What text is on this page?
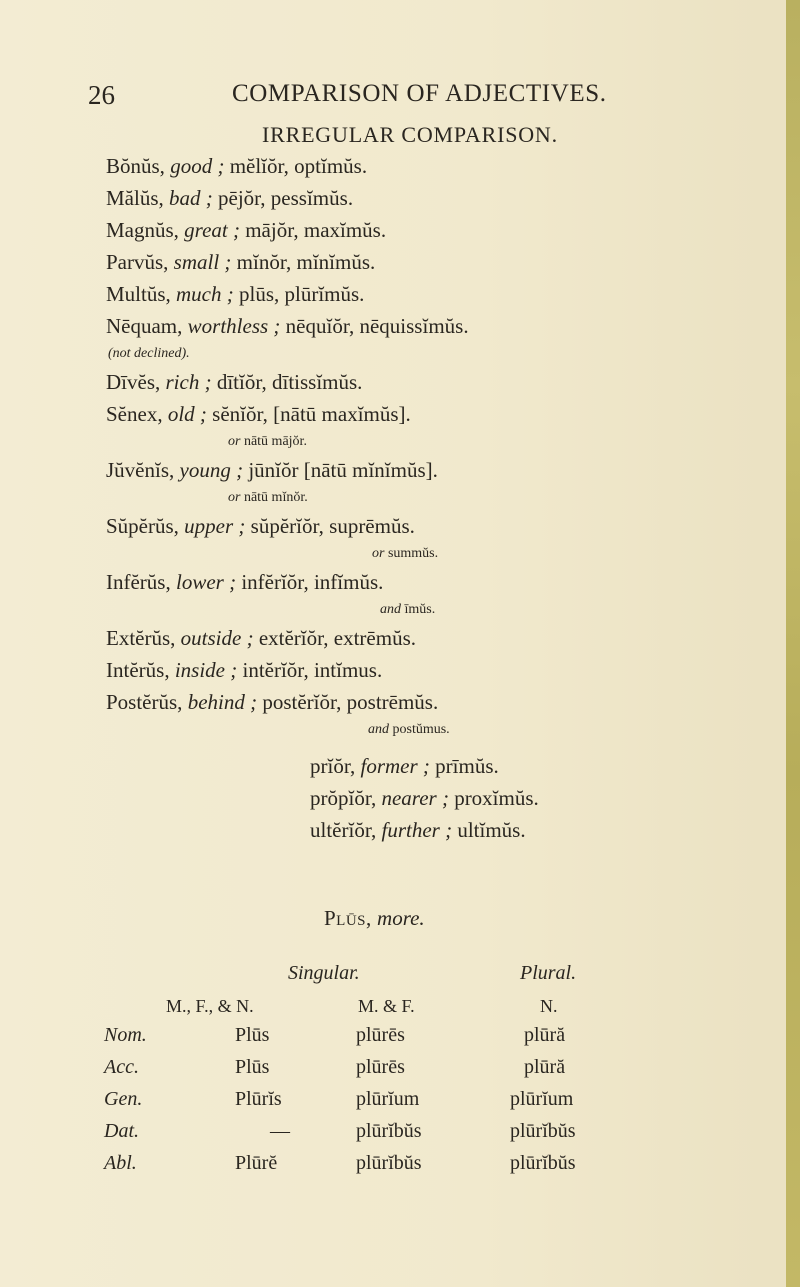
26	COMPARISON OF ADJECTIVES.
IRREGULAR COMPARISON.
Bŏnŭs, good ; mĕlĭŏr, optĭmŭs.
Mălŭs, bad ; pējŏr, pessĭmŭs.
Magnŭs, great ; mājŏr, maxĭmŭs.
Parvŭs, small ; mĭnŏr, mĭnĭmŭs.
Multŭs, much ; plūs, plūrĭmŭs.
Nēquam, worthless ; nēquĭŏr, nēquissĭmŭs.
(not declined).
Dīvĕs, rich ; dītĭŏr, dītissĭmŭs.
Sĕnex, old ; sĕnĭŏr, [nātū maxĭmŭs].
or nātū mājŏr.
Jŭvĕnĭs, young ; jūnĭŏr [nātū mĭnĭmŭs].
or nātū mĭnŏr.
Sŭpĕrŭs, upper ; sŭpĕrĭŏr, suprēmŭs.
or summŭs.
Infĕrŭs, lower ; infĕrĭŏr, infĭmŭs.
and īmŭs.
Extĕrŭs, outside ; extĕrĭŏr, extrēmŭs.
Intĕrŭs, inside ; intĕrĭŏr, intĭmus.
Postĕrŭs, behind ; postĕrĭŏr, postrēmŭs.
and postŭmus.
prĭŏr, former ; prīmŭs.
prŏpĭŏr, nearer ; proxĭmŭs.
ultĕrĭŏr, further ; ultĭmŭs.
Plūs, more.
Singular.	Plural.
M., F., & N.	M. & F.	N.
Nom.	Plūs	plūrēs	plūră
Acc.	Plūs	plūrēs	plūră
Gen.	Plūrĭs	plūrĭum	plūrĭum
Dat.	—	plūrĭbŭs	plūrĭbŭs
Abl.	Plūrĕ	plūrĭbŭs	plūrĭbŭs
